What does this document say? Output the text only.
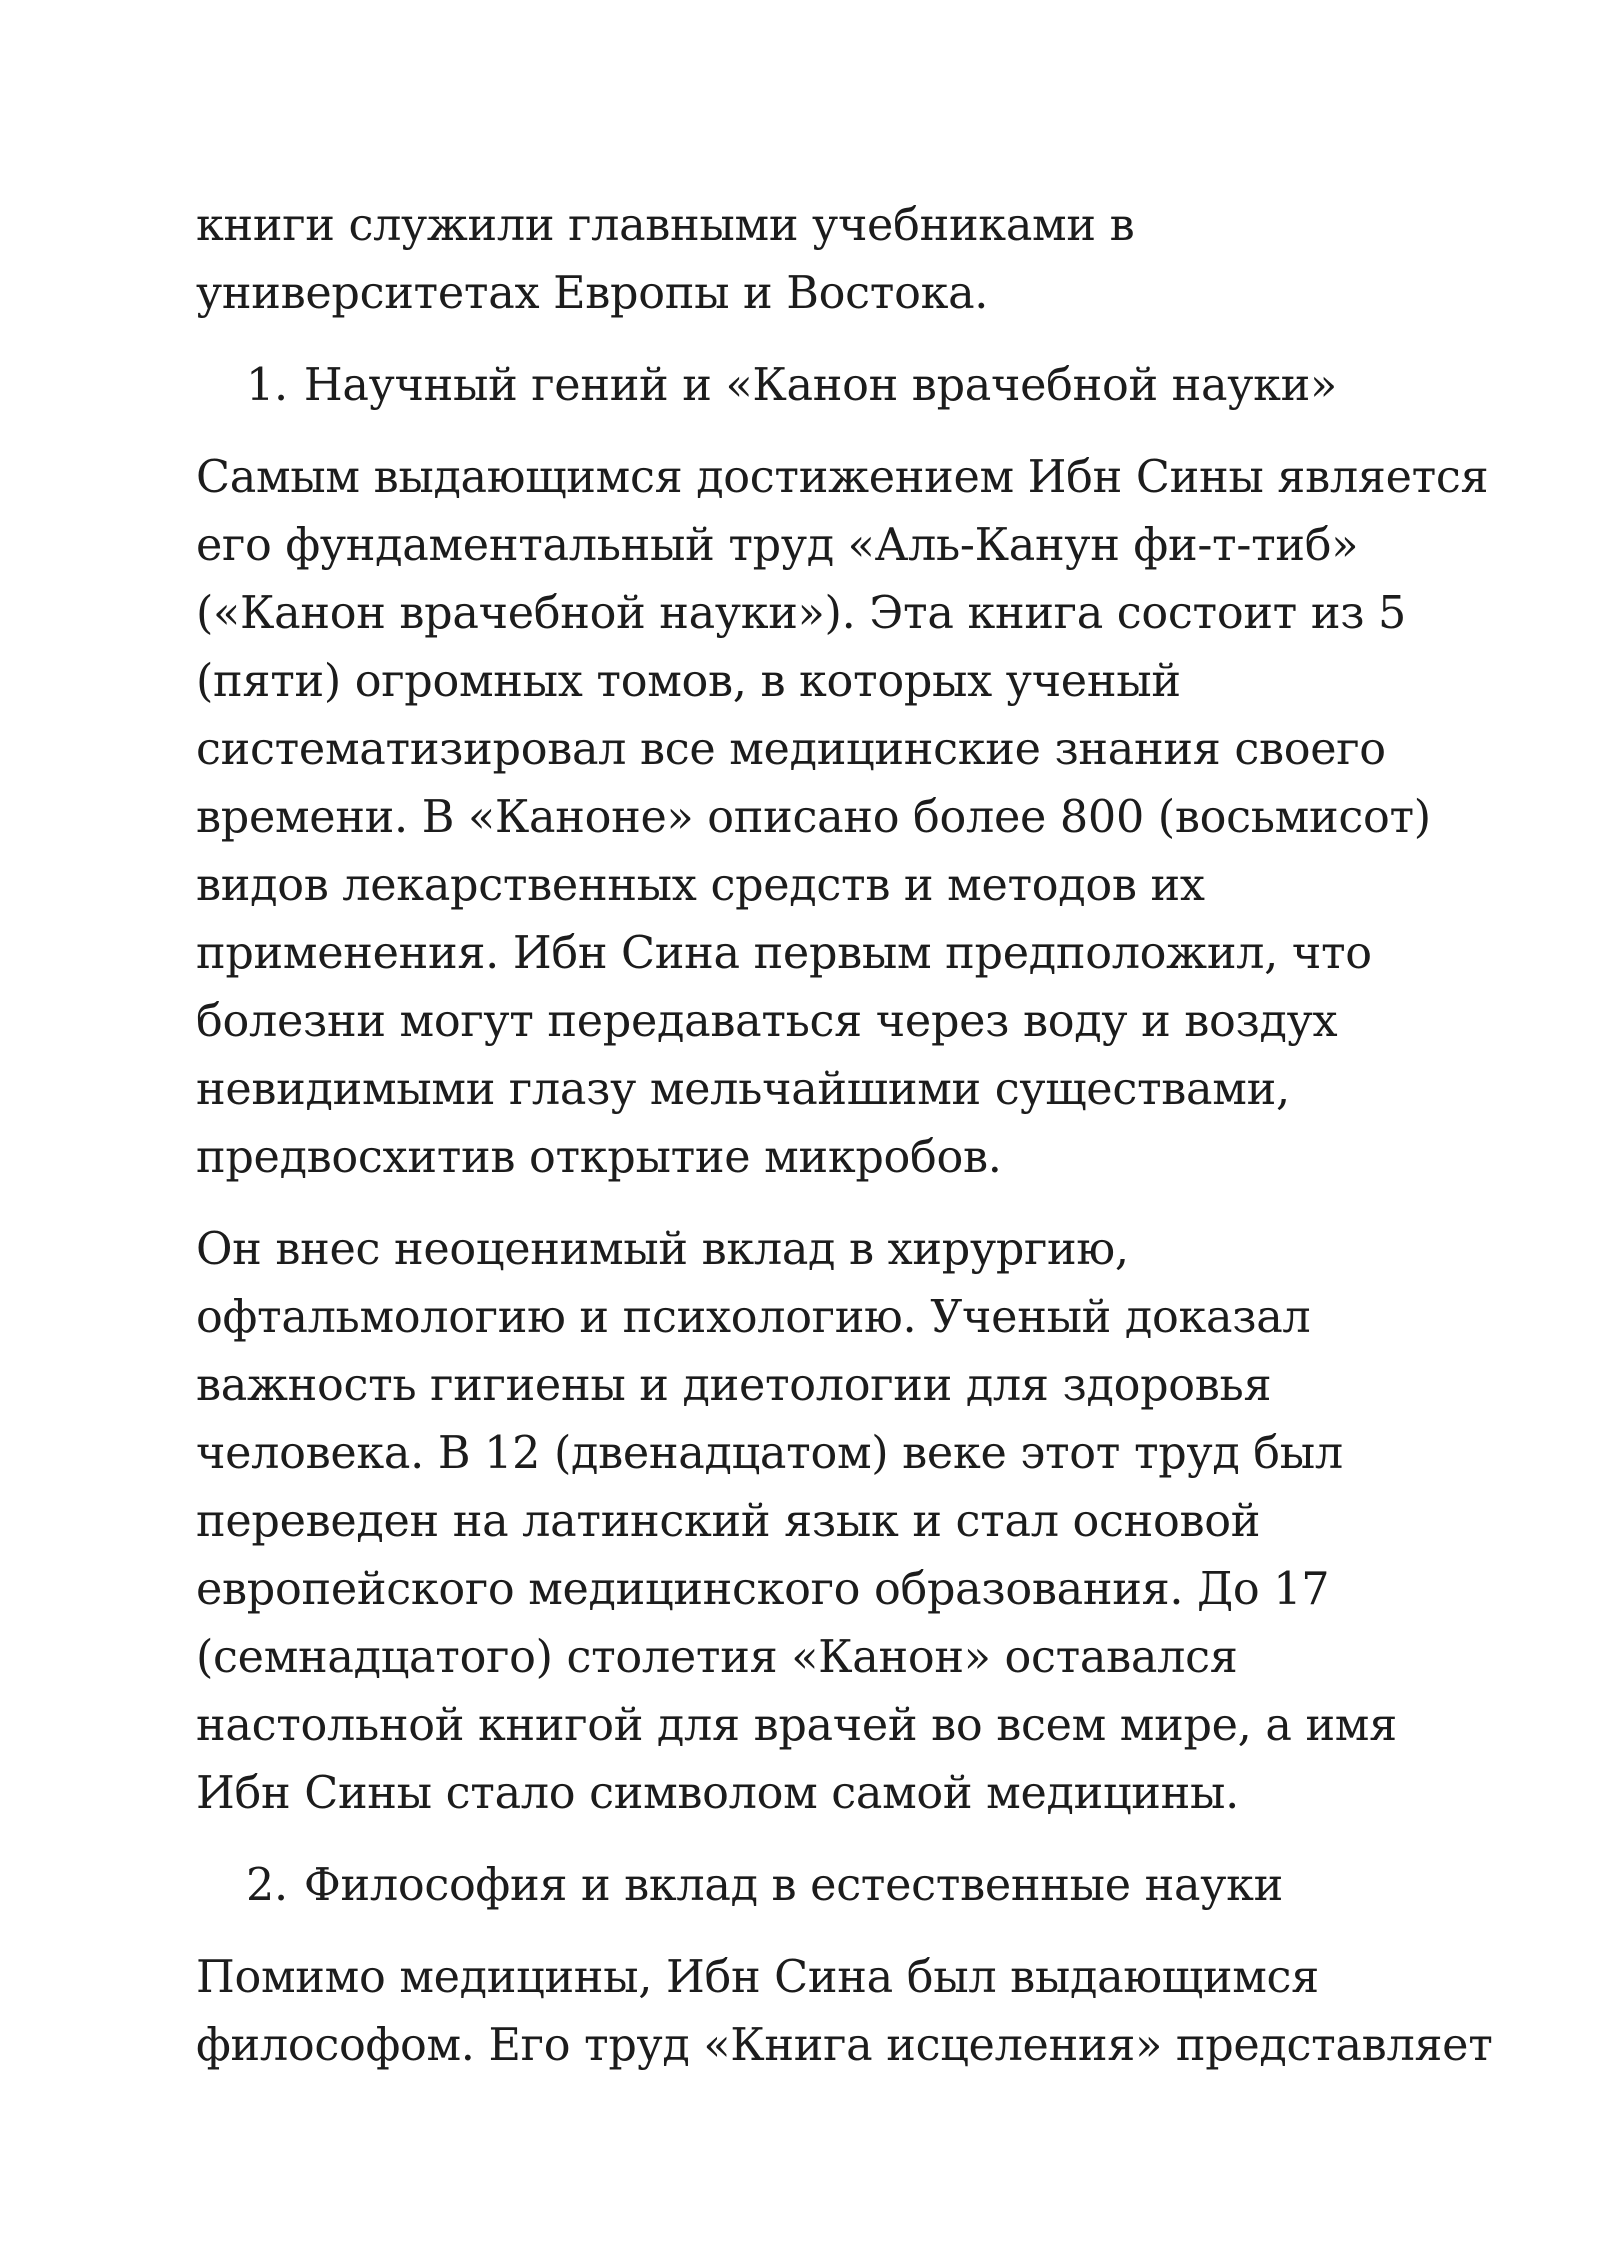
книги служили главными учебниками в
университетах Европы и Востока.

1. Научный гений и «Канон врачебной науки»

Самым выдающимся достижением Ибн Сины является
его фундаментальный труд «Аль-Канун фи-т-тиб»
(«Канон врачебной науки»). Эта книга состоит из 5
(пяти) огромных томов, в которых ученый
систематизировал все медицинские знания своего
времени. В «Каноне» описано более 800 (восьмисот)
видов лекарственных средств и методов их
применения. Ибн Сина первым предположил, что
болезни могут передаваться через воду и воздух
невидимыми глазу мельчайшими существами,
предвосхитив открытие микробов.

Он внес неоценимый вклад в хирургию,
офтальмологию и психологию. Ученый доказал
важность гигиены и диетологии для здоровья
человека. В 12 (двенадцатом) веке этот труд был
переведен на латинский язык и стал основой
европейского медицинского образования. До 17
(семнадцатого) столетия «Канон» оставался
настольной книгой для врачей во всем мире, а имя
Ибн Сины стало символом самой медицины.

2. Философия и вклад в естественные науки

Помимо медицины, Ибн Сина был выдающимся
философом. Его труд «Книга исцеления» представляет
